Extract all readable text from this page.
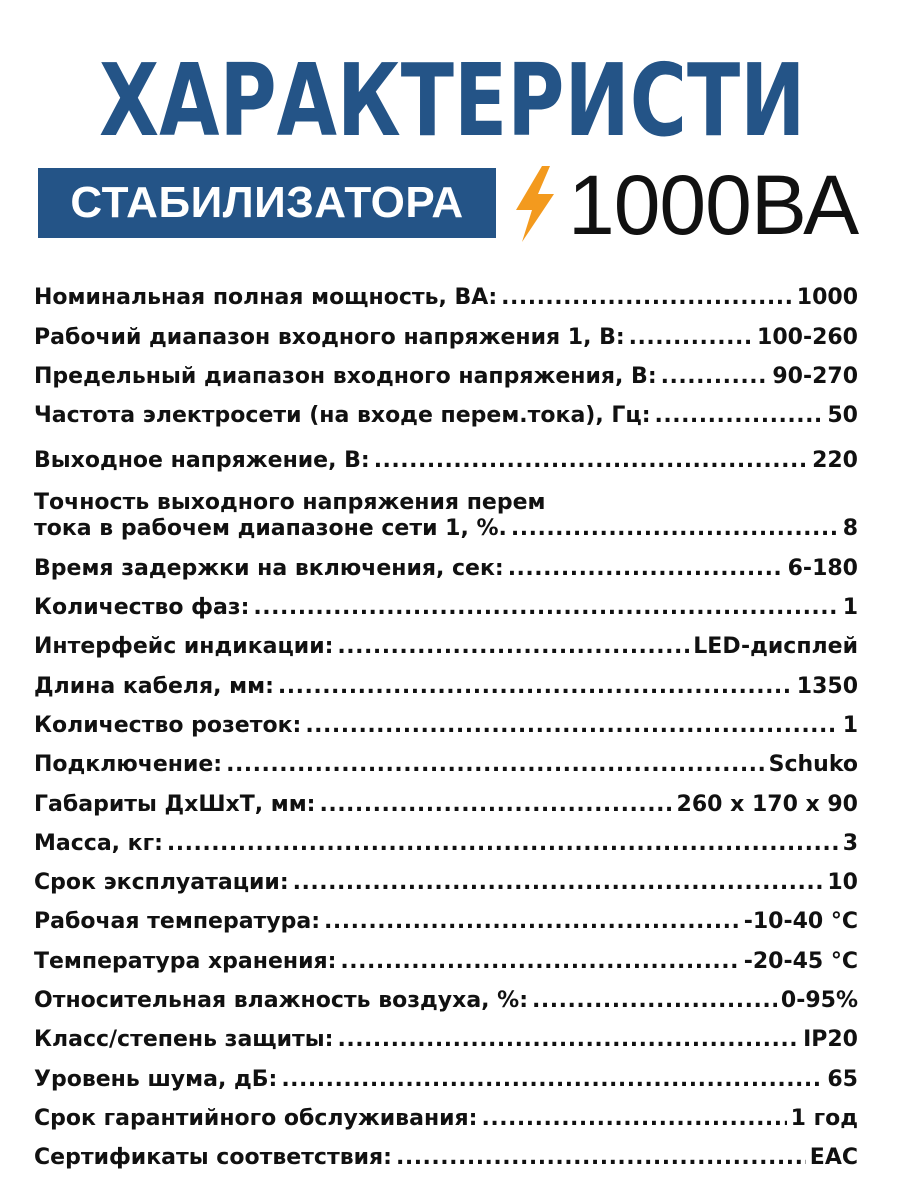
ХАРАКТЕРИСТИ
СТАБИЛИЗАТОРА	1000ВА
Номинальная полная мощность, ВА: .....	1000
Рабочий диапазон входного напряжения 1, В: .....	100-260
Предельный диапазон входного напряжения, В: .....	90-270
Частота электросети (на входе перем.тока), Гц: .....	50
Выходное напряжение, В: .....	220
Точность выходного напряжения перем
тока в рабочем диапазоне сети 1, %. .....	8
Время задержки на включения, сек: .....	6-180
Количество фаз: .....	1
Интерфейс индикации: .....	LED-дисплей
Длина кабеля, мм: .....	1350
Количество розеток: .....	1
Подключение: .....	Schuko
Габариты ДхШхТ, мм: .....	260 x 170 x 90
Масса, кг: .....	3
Срок эксплуатации: .....	10
Рабочая температура: .....	-10-40 °C
Температура хранения: .....	-20-45 °C
Относительная влажность воздуха, %: .....	0-95%
Класс/степень защиты: .....	IP20
Уровень шума, дБ: .....	65
Срок гарантийного обслуживания: .....	1 год
Сертификаты соответствия: .....	EAC
